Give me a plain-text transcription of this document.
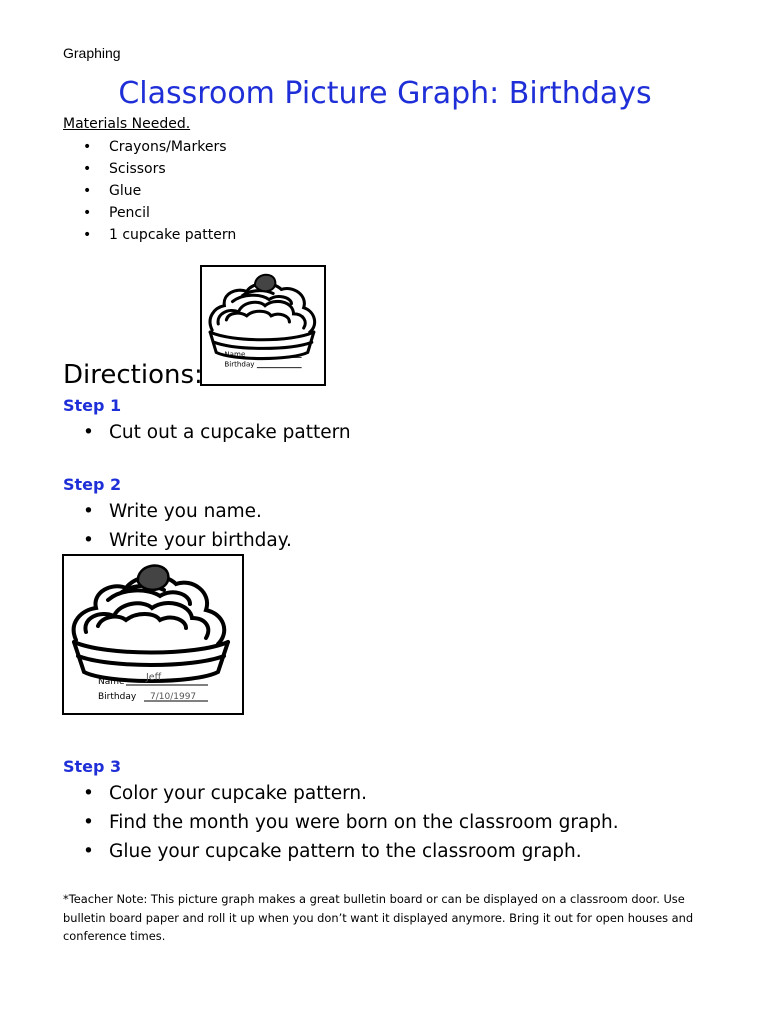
Graphing
Classroom Picture Graph: Birthdays
Materials Needed.
• Crayons/Markers
• Scissors
• Glue
• Pencil
• 1 cupcake pattern
Name
Birthday
Directions:
Step 1
• Cut out a cupcake pattern
Step 2
• Write you name.
• Write your birthday.
Name Jeff
Birthday 7/10/1997
Step 3
• Color your cupcake pattern.
• Find the month you were born on the classroom graph.
• Glue your cupcake pattern to the classroom graph.
*Teacher Note: This picture graph makes a great bulletin board or can be displayed on a classroom door. Use bulletin board paper and roll it up when you don’t want it displayed anymore. Bring it out for open houses and conference times.
